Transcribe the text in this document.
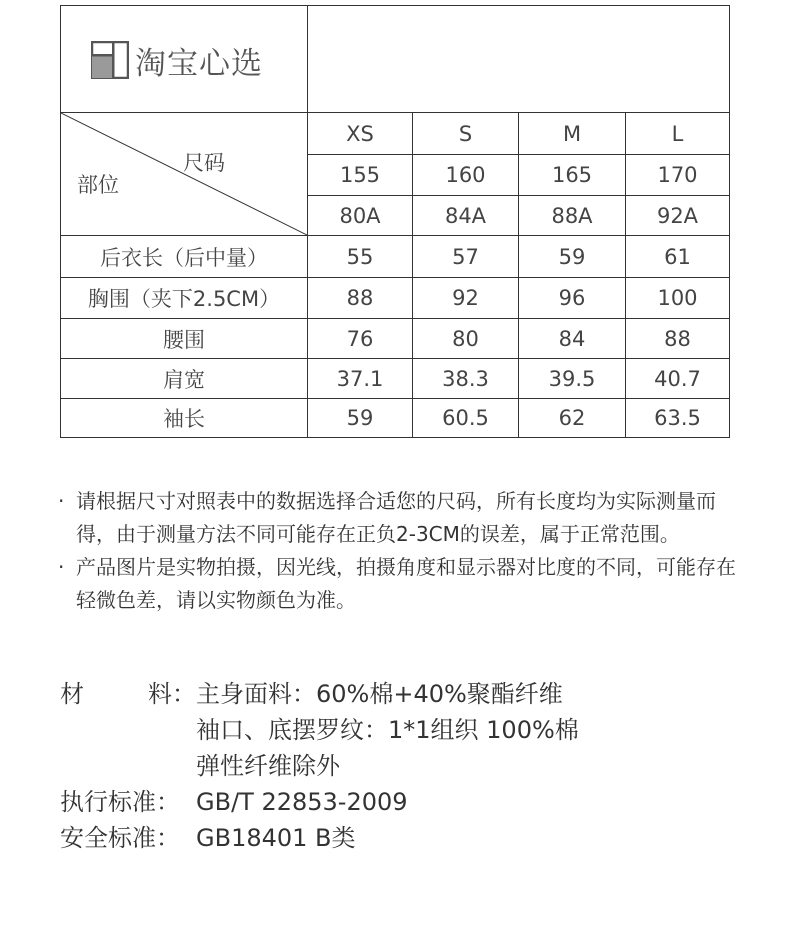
淘宝心选
尺码
部位
XS	S	M	L
155	160	165	170
80A	84A	88A	92A
后衣长（后中量）	55	57	59	61
胸围（夹下2.5CM）	88	92	96	100
腰围	76	80	84	88
肩宽	37.1	38.3	39.5	40.7
袖长	59	60.5	62	63.5
· 请根据尺寸对照表中的数据选择合适您的尺码，所有长度均为实际测量而得，由于测量方法不同可能存在正负2-3CM的误差，属于正常范围。
· 产品图片是实物拍摄，因光线，拍摄角度和显示器对比度的不同，可能存在轻微色差，请以实物颜色为准。
材	料： 主身面料：60%棉+40%聚酯纤维
袖口、底摆罗纹：1*1组织 100%棉
弹性纤维除外
执行标准： GB/T 22853-2009
安全标准： GB18401 B类
